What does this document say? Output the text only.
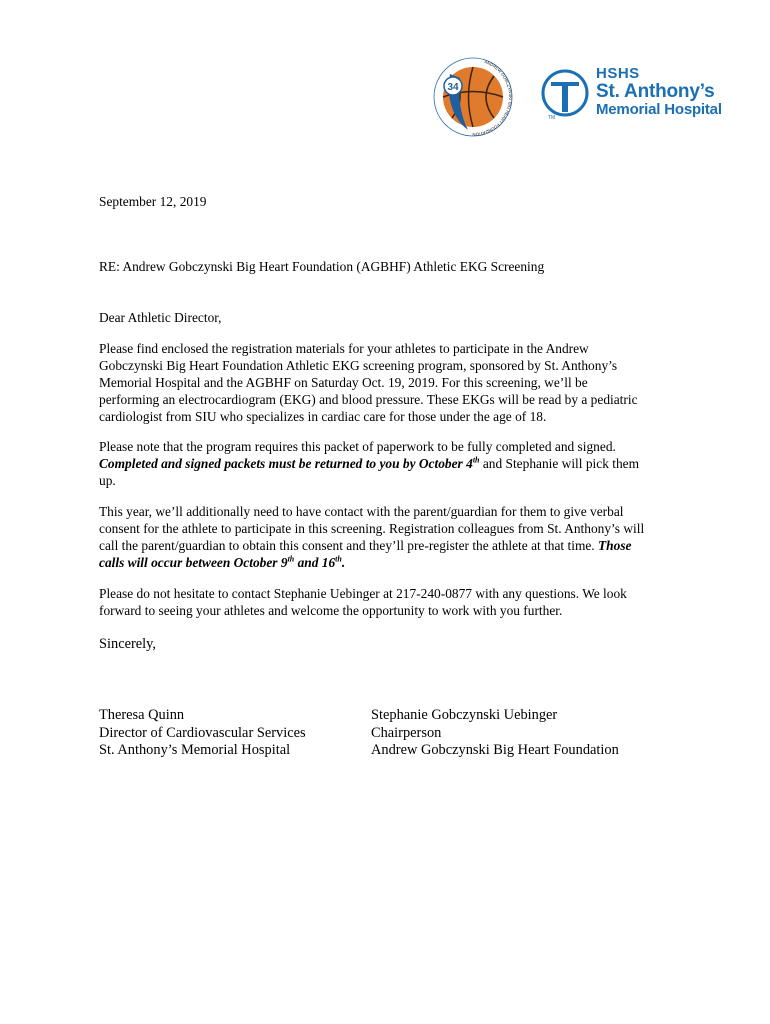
34
ANDREW GOBCZYNSKI BIG HEART FOUNDATION
HSHS
St. Anthony’s
Memorial Hospital
TM
September 12, 2019
RE: Andrew Gobczynski Big Heart Foundation (AGBHF) Athletic EKG Screening
Dear Athletic Director,
Please find enclosed the registration materials for your athletes to participate in the Andrew
Gobczynski Big Heart Foundation Athletic EKG screening program, sponsored by St. Anthony’s
Memorial Hospital and the AGBHF on Saturday Oct. 19, 2019. For this screening, we’ll be
performing an electrocardiogram (EKG) and blood pressure. These EKGs will be read by a pediatric
cardiologist from SIU who specializes in cardiac care for those under the age of 18.
Please note that the program requires this packet of paperwork to be fully completed and signed.
Completed and signed packets must be returned to you by October 4th and Stephanie will pick them
up.
This year, we’ll additionally need to have contact with the parent/guardian for them to give verbal
consent for the athlete to participate in this screening. Registration colleagues from St. Anthony’s will
call the parent/guardian to obtain this consent and they’ll pre-register the athlete at that time. Those
calls will occur between October 9th and 16th.
Please do not hesitate to contact Stephanie Uebinger at 217-240-0877 with any questions. We look
forward to seeing your athletes and welcome the opportunity to work with you further.
Sincerely,
Theresa Quinn
Director of Cardiovascular Services
St. Anthony’s Memorial Hospital
Stephanie Gobczynski Uebinger
Chairperson
Andrew Gobczynski Big Heart Foundation
